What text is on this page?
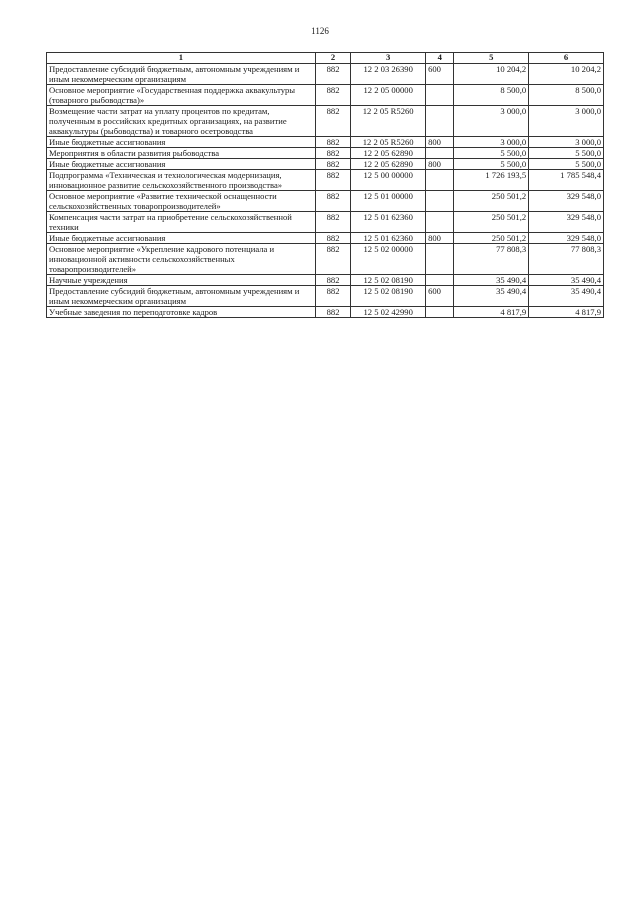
1126
1	2	3	4	5	6
Предоставление субсидий бюджетным, автономным учреждениям и иным некоммерческим организациям	882	12 2 03 26390	600	10 204,2	10 204,2
Основное мероприятие «Государственная поддержка аквакультуры (товарного рыбоводства)»	882	12 2 05 00000		8 500,0	8 500,0
Возмещение части затрат на уплату процентов по кредитам, полученным в российских кредитных организациях, на развитие аквакультуры (рыбоводства) и товарного осетроводства	882	12 2 05 R5260		3 000,0	3 000,0
Иные бюджетные ассигнования	882	12 2 05 R5260	800	3 000,0	3 000,0
Мероприятия в области развития рыбоводства	882	12 2 05 62890		5 500,0	5 500,0
Иные бюджетные ассигнования	882	12 2 05 62890	800	5 500,0	5 500,0
Подпрограмма «Техническая и технологическая модернизация, инновационное развитие сельскохозяйственного производства»	882	12 5 00 00000		1 726 193,5	1 785 548,4
Основное мероприятие «Развитие технической оснащенности сельскохозяйственных товаропроизводителей»	882	12 5 01 00000		250 501,2	329 548,0
Компенсация части затрат на приобретение сельскохозяйственной техники	882	12 5 01 62360		250 501,2	329 548,0
Иные бюджетные ассигнования	882	12 5 01 62360	800	250 501,2	329 548,0
Основное мероприятие «Укрепление кадрового потенциала и инновационной активности сельскохозяйственных товаропроизводителей»	882	12 5 02 00000		77 808,3	77 808,3
Научные учреждения	882	12 5 02 08190		35 490,4	35 490,4
Предоставление субсидий бюджетным, автономным учреждениям и иным некоммерческим организациям	882	12 5 02 08190	600	35 490,4	35 490,4
Учебные заведения по переподготовке кадров	882	12 5 02 42990		4 817,9	4 817,9
